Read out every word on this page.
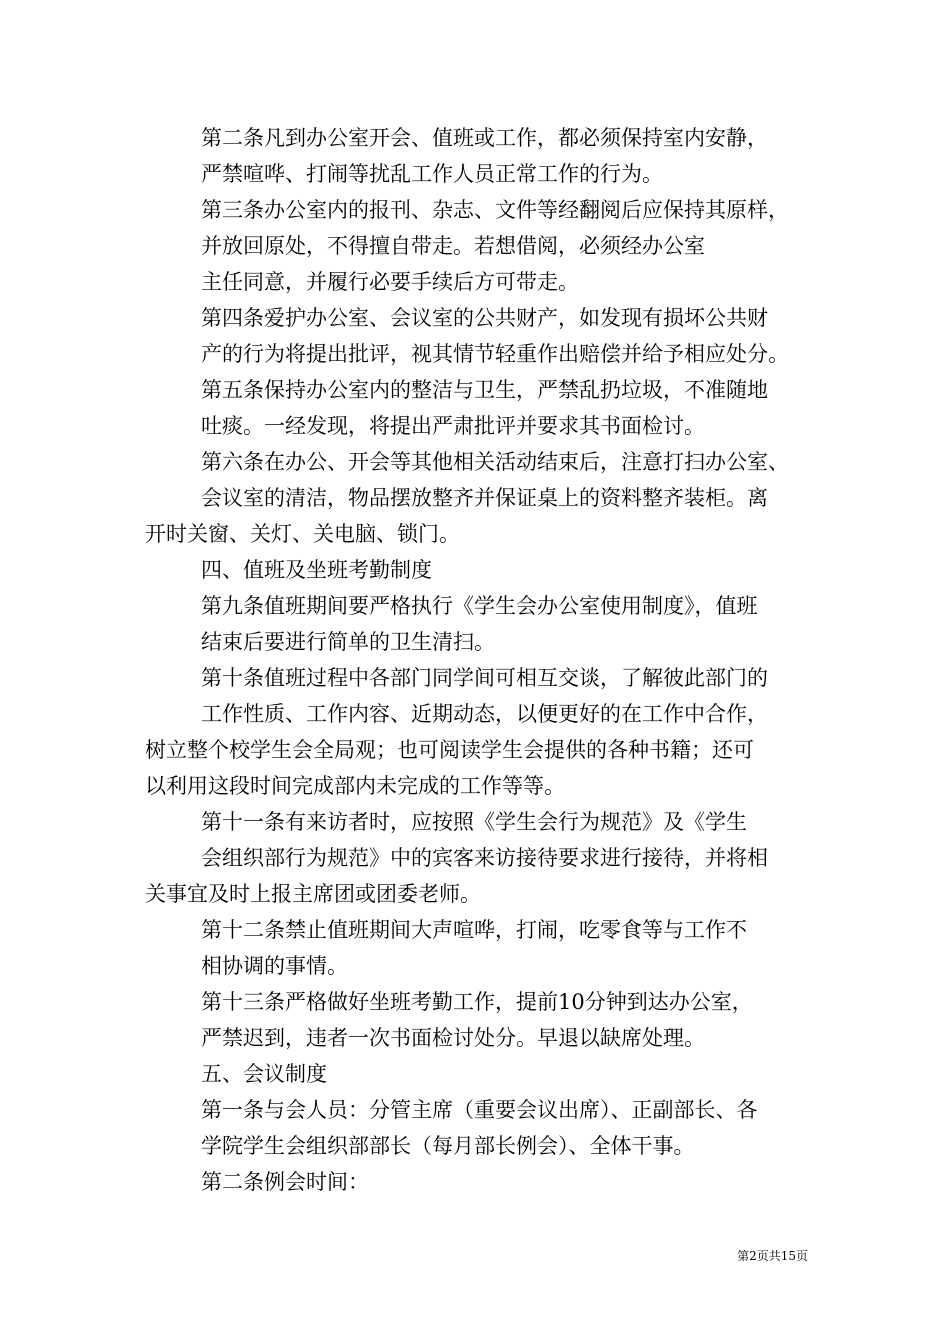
第二条凡到办公室开会、值班或工作，都必须保持室内安静，
严禁喧哗、打闹等扰乱工作人员正常工作的行为。
第三条办公室内的报刊、杂志、文件等经翻阅后应保持其原样，
并放回原处，不得擅自带走。若想借阅，必须经办公室
主任同意，并履行必要手续后方可带走。
第四条爱护办公室、会议室的公共财产，如发现有损坏公共财
产的行为将提出批评，视其情节轻重作出赔偿并给予相应处分。
第五条保持办公室内的整洁与卫生，严禁乱扔垃圾，不准随地
吐痰。一经发现，将提出严肃批评并要求其书面检讨。
第六条在办公、开会等其他相关活动结束后，注意打扫办公室、
会议室的清洁，物品摆放整齐并保证桌上的资料整齐装柜。离
开时关窗、关灯、关电脑、锁门。
四、值班及坐班考勤制度
第九条值班期间要严格执行《学生会办公室使用制度》，值班
结束后要进行简单的卫生清扫。
第十条值班过程中各部门同学间可相互交谈，了解彼此部门的
工作性质、工作内容、近期动态，以便更好的在工作中合作，
树立整个校学生会全局观；也可阅读学生会提供的各种书籍；还可
以利用这段时间完成部内未完成的工作等等。
第十一条有来访者时，应按照《学生会行为规范》及《学生
会组织部行为规范》中的宾客来访接待要求进行接待，并将相
关事宜及时上报主席团或团委老师。
第十二条禁止值班期间大声喧哗，打闹，吃零食等与工作不
相协调的事情。
第十三条严格做好坐班考勤工作，提前10分钟到达办公室，
严禁迟到，违者一次书面检讨处分。早退以缺席处理。
五、会议制度
第一条与会人员：分管主席（重要会议出席）、正副部长、各
学院学生会组织部部长（每月部长例会）、全体干事。
第二条例会时间：
第2页共15页
